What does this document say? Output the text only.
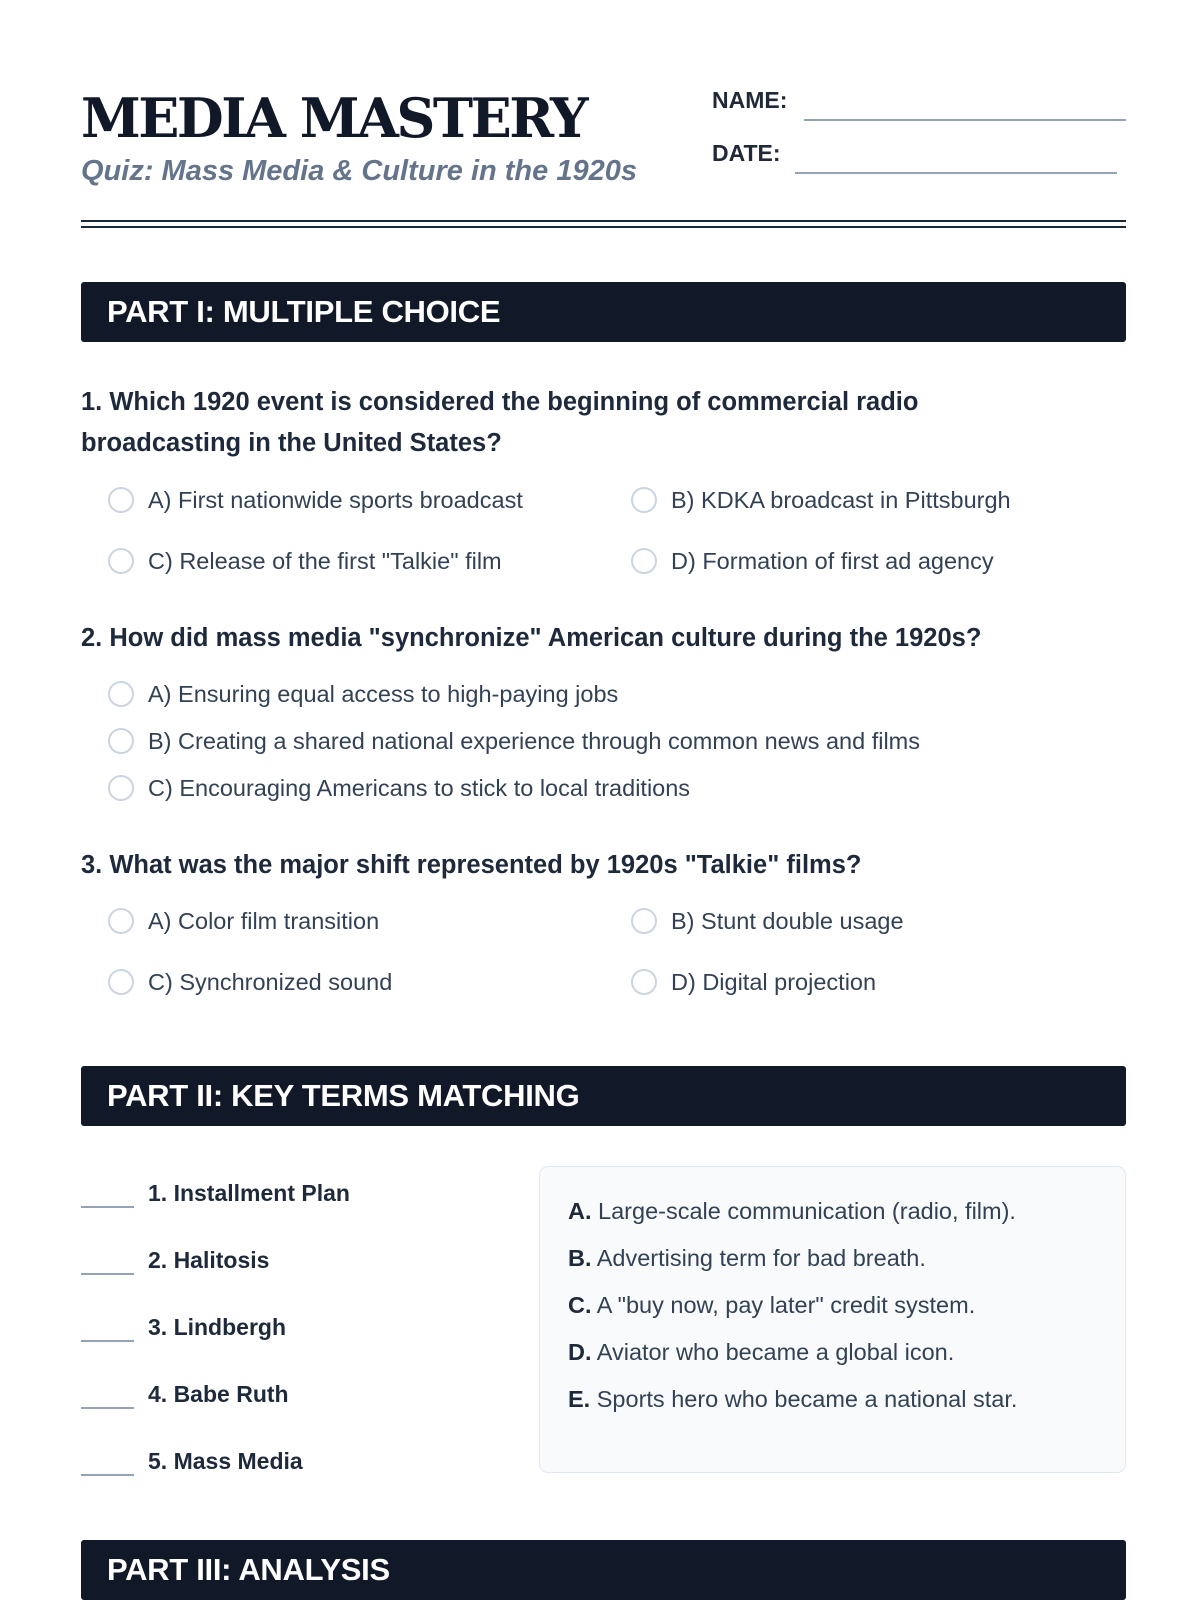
MEDIA MASTERY
Quiz: Mass Media & Culture in the 1920s
NAME:
DATE:
PART I: MULTIPLE CHOICE
1. Which 1920 event is considered the beginning of commercial radio
broadcasting in the United States?
A) First nationwide sports broadcast	B) KDKA broadcast in Pittsburgh
C) Release of the first "Talkie" film	D) Formation of first ad agency
2. How did mass media "synchronize" American culture during the 1920s?
A) Ensuring equal access to high-paying jobs
B) Creating a shared national experience through common news and films
C) Encouraging Americans to stick to local traditions
3. What was the major shift represented by 1920s "Talkie" films?
A) Color film transition	B) Stunt double usage
C) Synchronized sound	D) Digital projection
PART II: KEY TERMS MATCHING
1. Installment Plan
2. Halitosis
3. Lindbergh
4. Babe Ruth
5. Mass Media
A. Large-scale communication (radio, film).
B. Advertising term for bad breath.
C. A "buy now, pay later" credit system.
D. Aviator who became a global icon.
E. Sports hero who became a national star.
PART III: ANALYSIS
